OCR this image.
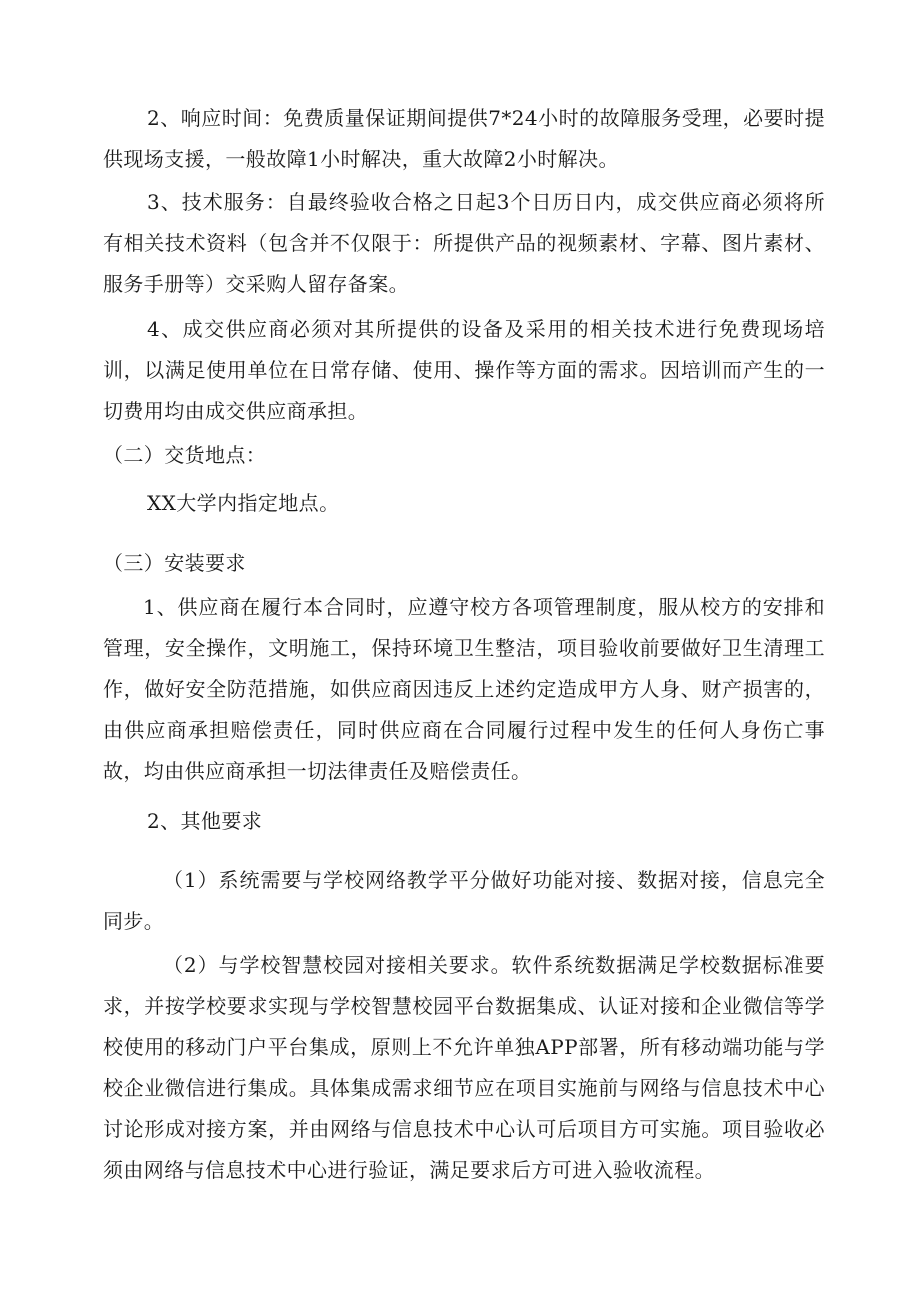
2、响应时间：免费质量保证期间提供7*24小时的故障服务受理，必要时提供现场支援，一般故障1小时解决，重大故障2小时解决。

3、技术服务：自最终验收合格之日起3个日历日内，成交供应商必须将所有相关技术资料（包含并不仅限于：所提供产品的视频素材、字幕、图片素材、服务手册等）交采购人留存备案。

4、成交供应商必须对其所提供的设备及采用的相关技术进行免费现场培训，以满足使用单位在日常存储、使用、操作等方面的需求。因培训而产生的一切费用均由成交供应商承担。

（二）交货地点：

XX大学内指定地点。

（三）安装要求

1、供应商在履行本合同时，应遵守校方各项管理制度，服从校方的安排和管理，安全操作，文明施工，保持环境卫生整洁，项目验收前要做好卫生清理工作，做好安全防范措施，如供应商因违反上述约定造成甲方人身、财产损害的，由供应商承担赔偿责任，同时供应商在合同履行过程中发生的任何人身伤亡事故，均由供应商承担一切法律责任及赔偿责任。

2、其他要求

（1）系统需要与学校网络教学平分做好功能对接、数据对接，信息完全同步。

（2）与学校智慧校园对接相关要求。软件系统数据满足学校数据标准要求，并按学校要求实现与学校智慧校园平台数据集成、认证对接和企业微信等学校使用的移动门户平台集成，原则上不允许单独APP部署，所有移动端功能与学校企业微信进行集成。具体集成需求细节应在项目实施前与网络与信息技术中心讨论形成对接方案，并由网络与信息技术中心认可后项目方可实施。项目验收必须由网络与信息技术中心进行验证，满足要求后方可进入验收流程。
